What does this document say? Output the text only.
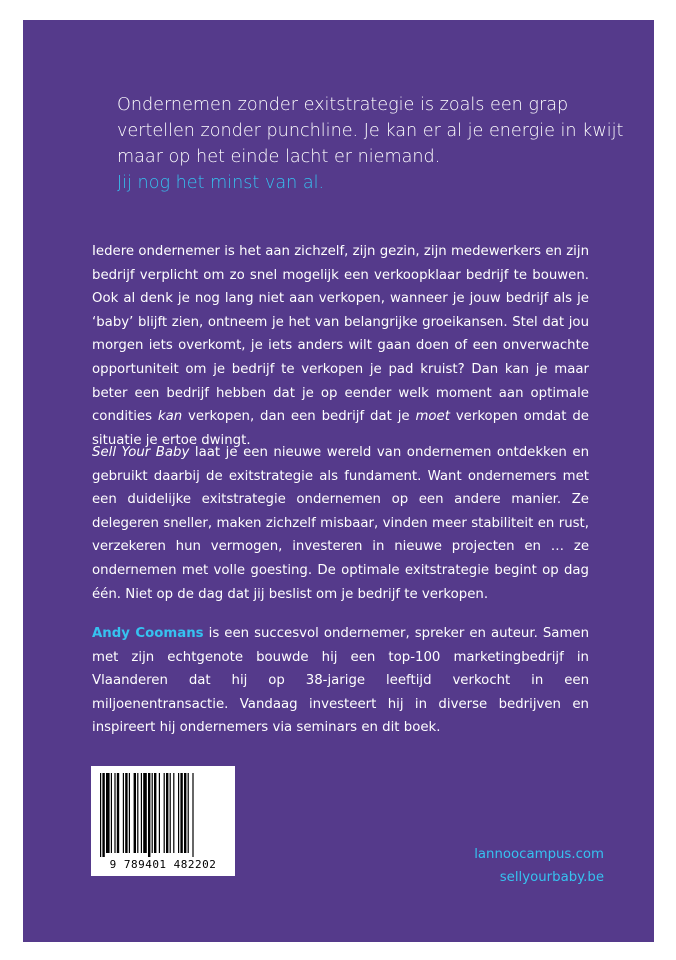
Ondernemen zonder exitstrategie is zoals een grap vertellen zonder punchline. Je kan er al je energie in kwijt maar op het einde lacht er niemand.
Jij nog het minst van al.
Iedere ondernemer is het aan zichzelf, zijn gezin, zijn medewerkers en zijn bedrijf verplicht om zo snel mogelijk een verkoopklaar bedrijf te bouwen. Ook al denk je nog lang niet aan verkopen, wanneer je jouw bedrijf als je ‘baby’ blijft zien, ontneem je het van belangrijke groeikansen. Stel dat jou morgen iets overkomt, je iets anders wilt gaan doen of een onverwachte opportuniteit om je bedrijf te verkopen je pad kruist? Dan kan je maar beter een bedrijf hebben dat je op eender welk moment aan optimale condities kan verkopen, dan een bedrijf dat je moet verkopen omdat de situatie je ertoe dwingt.
Sell Your Baby laat je een nieuwe wereld van ondernemen ontdekken en gebruikt daarbij de exitstrategie als fundament. Want ondernemers met een duidelijke exitstrategie ondernemen op een andere manier. Ze delegeren sneller, maken zichzelf misbaar, vinden meer stabiliteit en rust, verzekeren hun vermogen, investeren in nieuwe projecten en … ze ondernemen met volle goesting. De optimale exitstrategie begint op dag één. Niet op de dag dat jij beslist om je bedrijf te verkopen.
Andy Coomans is een succesvol ondernemer, spreker en auteur. Samen met zijn echtgenote bouwde hij een top-100 marketingbedrijf in Vlaanderen dat hij op 38-jarige leeftijd verkocht in een miljoenentransactie. Vandaag investeert hij in diverse bedrijven en inspireert hij ondernemers via seminars en dit boek.
9 789401 482202
lannoocampus.com
sellyourbaby.be
